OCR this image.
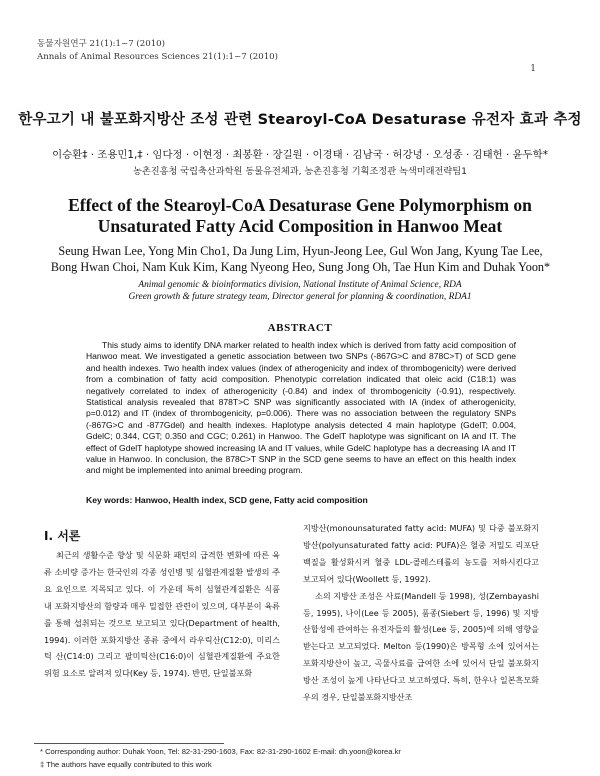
동물자원연구 21(1):1~7 (2010)
Annals of Animal Resources Sciences 21(1):1~7 (2010)
1
한우고기 내 불포화지방산 조성 관련 Stearoyl-CoA Desaturase 유전자 효과 추정
이승환‡ · 조용민1,‡ · 임다정 · 이현정 · 최봉환 · 장길원 · 이경태 · 김남국 · 허강녕 · 오성종 · 김태헌 · 윤두학*
농촌진흥청 국립축산과학원 동물유전체과, 농촌진흥청 기획조정관 녹색미래전략팀1
Effect of the Stearoyl-CoA Desaturase Gene Polymorphism on Unsaturated Fatty Acid Composition in Hanwoo Meat
Seung Hwan Lee, Yong Min Cho1, Da Jung Lim, Hyun-Jeong Lee, Gul Won Jang, Kyung Tae Lee, Bong Hwan Choi, Nam Kuk Kim, Kang Nyeong Heo, Sung Jong Oh, Tae Hun Kim and Duhak Yoon*
Animal genomic & bioinformatics division, National Institute of Animal Science, RDA
Green growth & future strategy team, Director general for planning & coordination, RDA1
ABSTRACT
This study aims to identify DNA marker related to health index which is derived from fatty acid composition of Hanwoo meat. We investigated a genetic association between two SNPs (-867G>C and 878C>T) of SCD gene and health indexes. Two health index values (index of atherogenicity and index of thrombogenicity) were derived from a combination of fatty acid composition. Phenotypic correlation indicated that oleic acid (C18:1) was negatively correlated to index of atherogenicity (-0.84) and index of thrombogenicity (-0.91), respectively. Statistical analysis revealed that 878T>C SNP was significantly associated with IA (index of atherogenicity, p=0.012) and IT (index of thrombogenicity, p=0.006). There was no association between the regulatory SNPs (-867G>C and -877Gdel) and health indexes. Haplotype analysis detected 4 main haplotype (GdelT; 0.004, GdelC; 0.344, CGT; 0.350 and CGC; 0.261) in Hanwoo. The GdelT haplotype was significant on IA and IT. The effect of GdelT haplotype showed increasing IA and IT values, while GdelC haplotype has a decreasing IA and IT value in Hanwoo. In conclusion, the 878C>T SNP in the SCD gene seems to have an effect on this health index and might be implemented into animal breeding program.
Key words: Hanwoo, Health index, SCD gene, Fatty acid composition
Ⅰ. 서론
최근의 생활수준 향상 및 식문화 패턴의 급격한 변화에 따른 육류 소비량 증가는 한국인의 각종 성인병 및 심혈관계질환 발생의 주요 요인으로 지목되고 있다. 이 가운데 특히 심혈관계질환은 식품 내 포화지방산의 함량과 매우 밀접한 관련이 있으며, 대부분이 육류를 통해 섭취되는 것으로 보고되고 있다(Department of health, 1994). 이러한 포화지방산 종류 중에서 라우릭산(C12:0), 미리스틱 산(C14:0) 그리고 팔미틱산(C16:0)이 심혈관계질환에 주요한 위험 요소로 알려져 있다(Key 등, 1974). 반면, 단일불포화

지방산(monounsaturated fatty acid: MUFA) 및 다중 불포화지방산(polyunsaturated fatty acid: PUFA)은 혈중 저밀도 리포단백질을 활성화시켜 혈중 LDL-콜레스테롤의 농도를 저하시킨다고 보고되어 있다(Woollett 등, 1992).

소의 지방산 조성은 사료(Mandell 등 1998), 성(Zembayashi 등, 1995), 나이(Lee 등 2005), 품종(Siebert 등, 1996) 및 지방산합성에 관여하는 유전자들의 활성(Lee 등, 2005)에 의해 영향을 받는다고 보고되었다. Melton 등(1990)은 방목형 소에 있어서는 포화지방산이 높고, 곡물사료를 급여한 소에 있어서 단일 불포화지방산 조성이 높게 나타난다고 보고하였다. 특히, 한우나 일본흑모화우의 경우, 단일불포화지방산조

* Corresponding author: Duhak Yoon, Tel: 82-31-290-1603, Fax: 82-31-290-1602 E-mail: dh.yoon@korea.kr
‡ The authors have equally contributed to this work
